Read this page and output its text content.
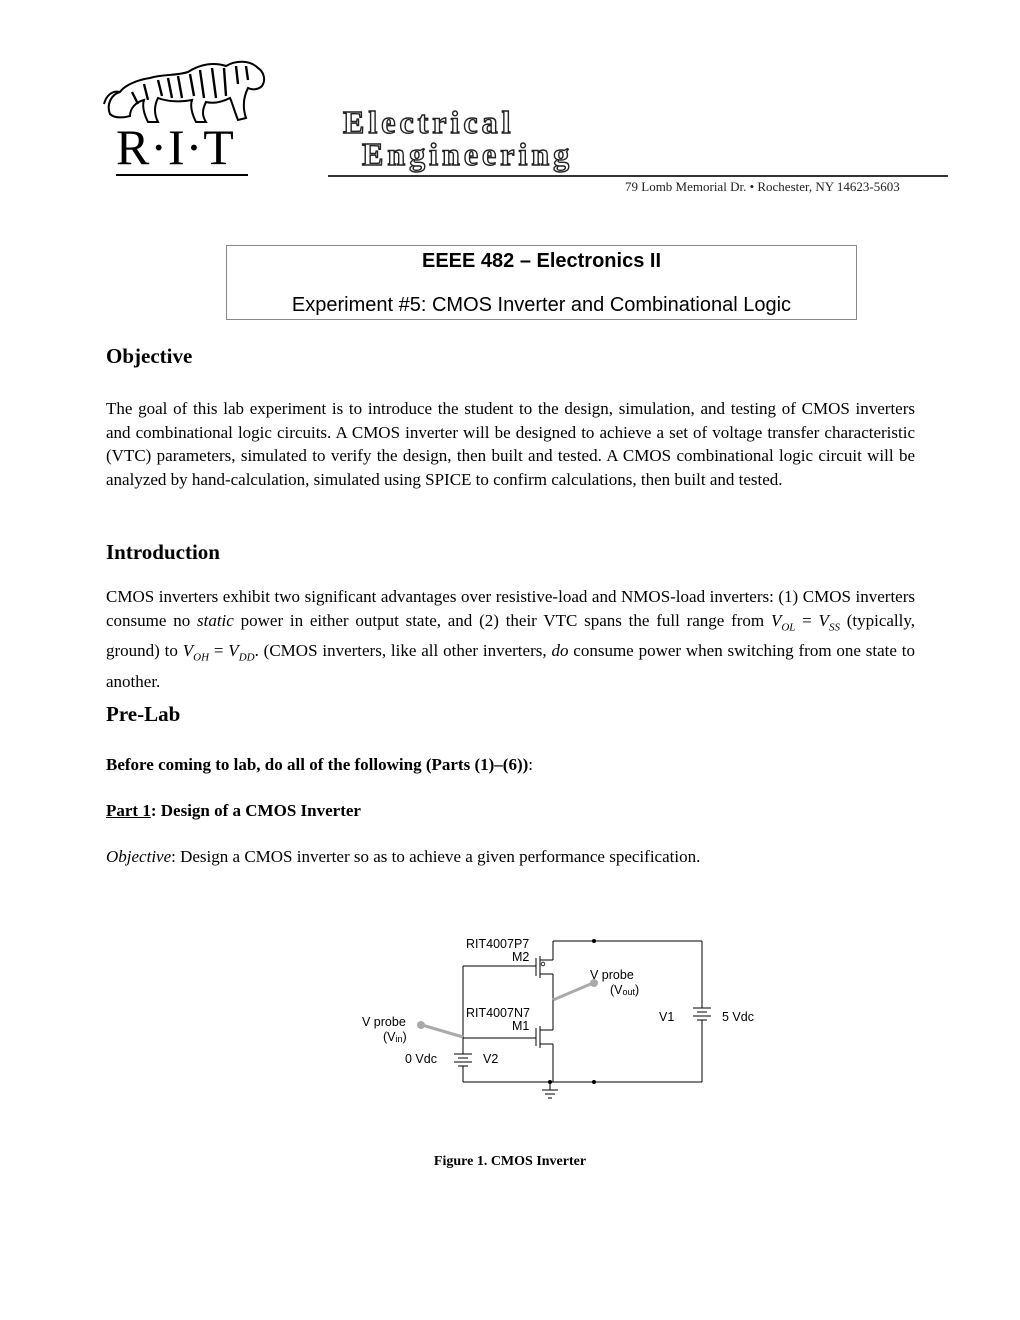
R·I·T	Electrical
Engineering
79 Lomb Memorial Dr. • Rochester, NY 14623-5603
EEEE 482 – Electronics II
Experiment #5: CMOS Inverter and Combinational Logic
Objective
The goal of this lab experiment is to introduce the student to the design, simulation, and testing of CMOS inverters and combinational logic circuits. A CMOS inverter will be designed to achieve a set of voltage transfer characteristic (VTC) parameters, simulated to verify the design, then built and tested. A CMOS combinational logic circuit will be analyzed by hand-calculation, simulated using SPICE to confirm calculations, then built and tested.
Introduction
CMOS inverters exhibit two significant advantages over resistive-load and NMOS-load inverters: (1) CMOS inverters consume no static power in either output state, and (2) their VTC spans the full range from $V_{OL} = V_{SS}$ (typically, ground) to $V_{OH} = V_{DD}$. (CMOS inverters, like all other inverters, do consume power when switching from one state to another.
Pre-Lab
Before coming to lab, do all of the following (Parts (1)–(6)):
Part 1: Design of a CMOS Inverter
Objective: Design a CMOS inverter so as to achieve a given performance specification.
RIT4007P7
M2
V probe
(Vout)
RIT4007N7
M1
V probe
(Vin)
0 Vdc	V2
V1	5 Vdc
Figure 1. CMOS Inverter
